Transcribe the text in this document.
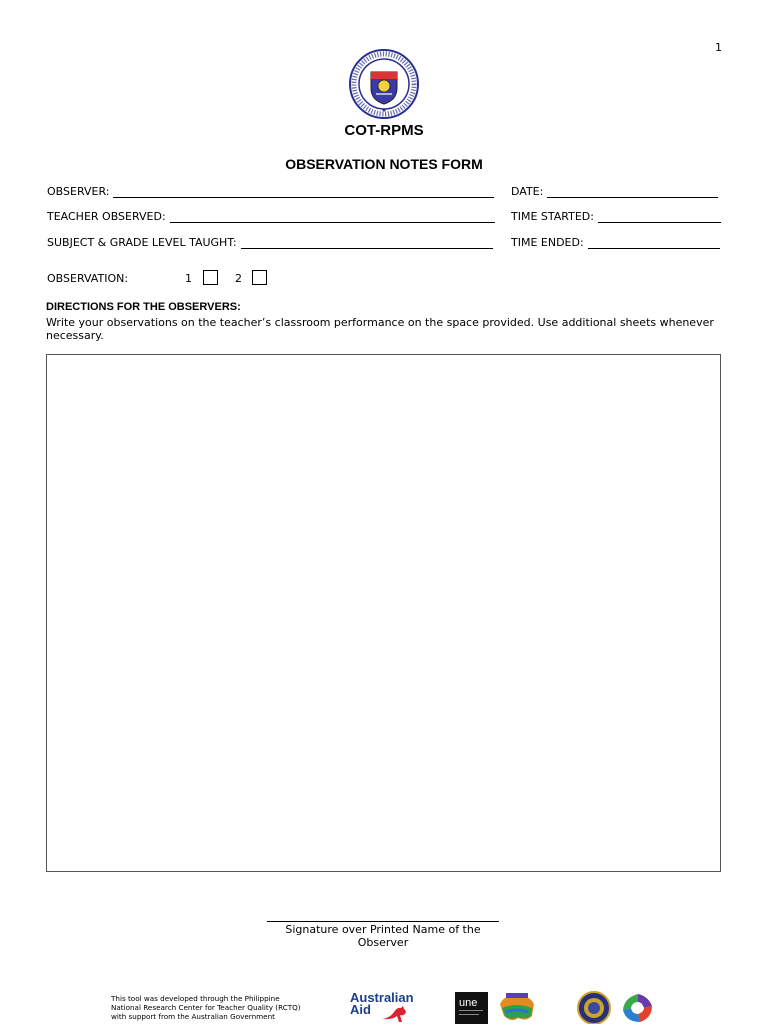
1
COT-RPMS
OBSERVATION NOTES FORM
OBSERVER:	DATE:
TEACHER OBSERVED:	TIME STARTED:
SUBJECT & GRADE LEVEL TAUGHT:	TIME ENDED:
OBSERVATION:	1	2
DIRECTIONS FOR THE OBSERVERS:
Write your observations on the teacher’s classroom performance on the space provided. Use additional sheets whenever necessary.
Signature over Printed Name of the
Observer
This tool was developed through the Philippine
National Research Center for Teacher Quality (RCTQ)
with support from the Australian Government
Australian
Aid	une
